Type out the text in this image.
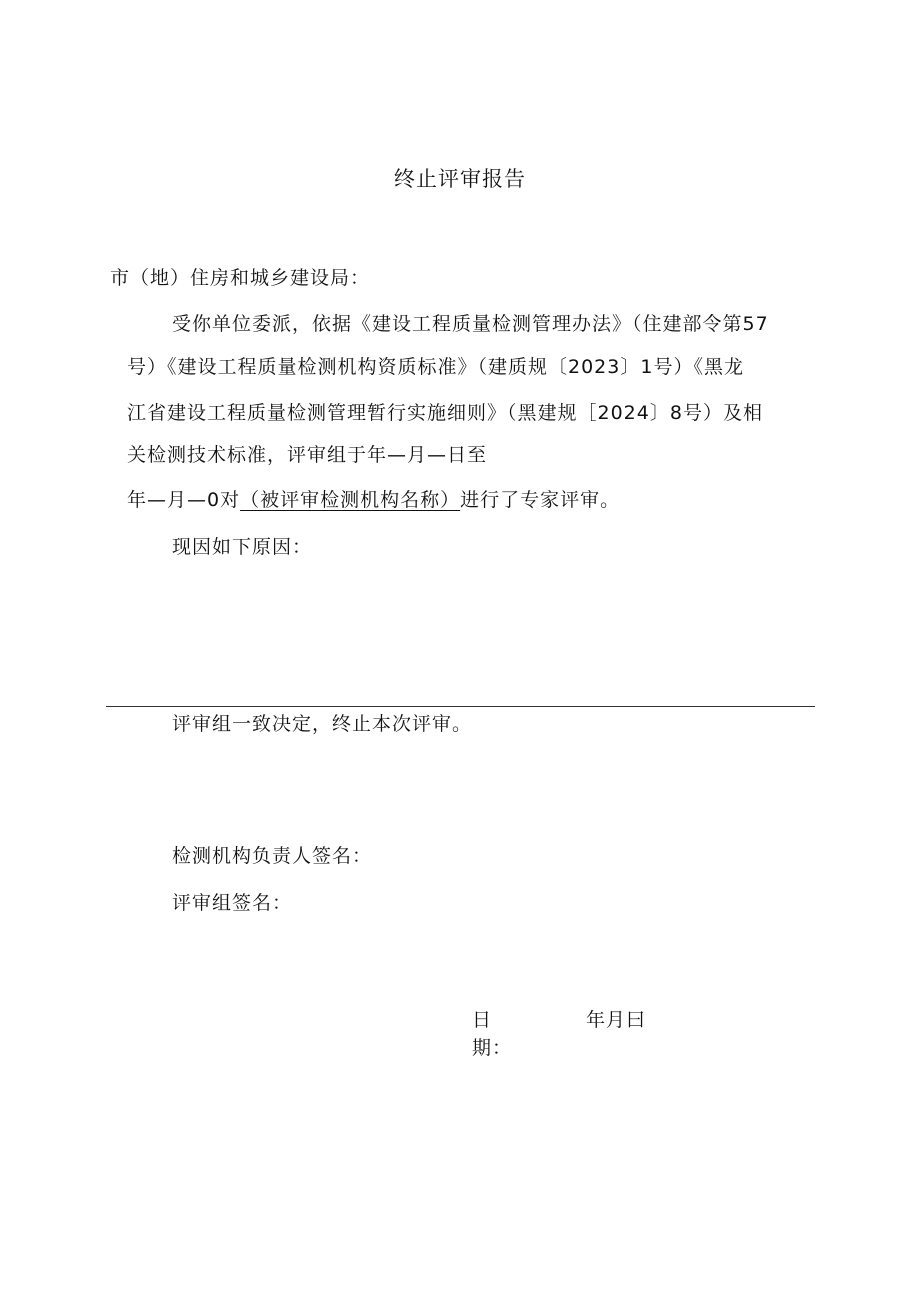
终止评审报告
市（地）住房和城乡建设局：
受你单位委派，依据《建设工程质量检测管理办法》（住建部令第57
号）《建设工程质量检测机构资质标准》（建质规〔2023〕1号）《黑龙
江省建设工程质量检测管理暂行实施细则》（黑建规［2024〕8号）及相
关检测技术标准，评审组于年—月—日至
年—月—0对（被评审检测机构名称）进行了专家评审。
现因如下原因：
评审组一致决定，终止本次评审。
检测机构负责人签名：
评审组签名：
日
期：
年月曰
